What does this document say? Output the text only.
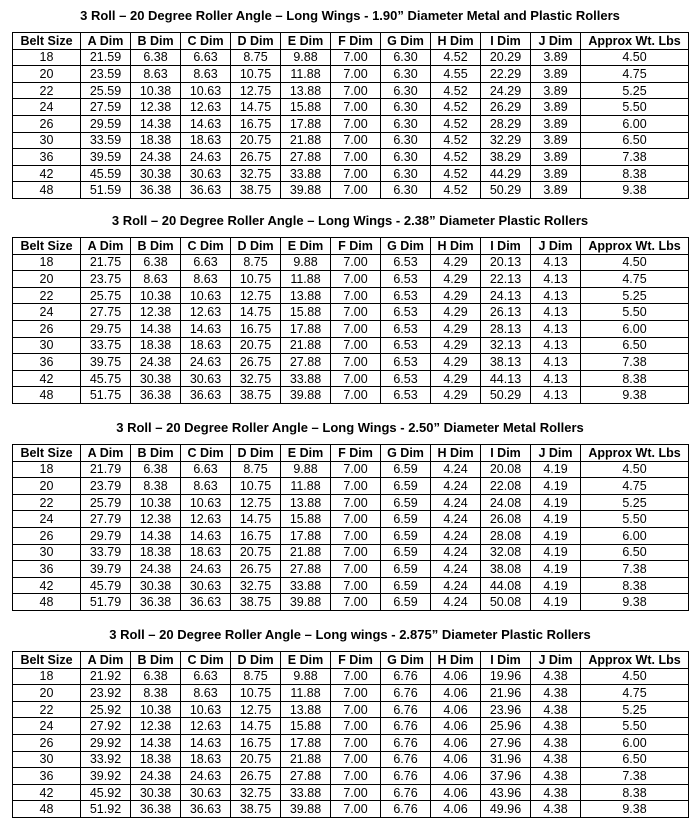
3 Roll – 20 Degree Roller Angle – Long Wings - 1.90” Diameter Metal and Plastic Rollers
Belt Size	A Dim	B Dim	C Dim	D Dim	E Dim	F Dim	G Dim	H Dim	I Dim	J Dim	Approx Wt. Lbs
18	21.59	6.38	6.63	8.75	9.88	7.00	6.30	4.52	20.29	3.89	4.50
20	23.59	8.63	8.63	10.75	11.88	7.00	6.30	4.55	22.29	3.89	4.75
22	25.59	10.38	10.63	12.75	13.88	7.00	6.30	4.52	24.29	3.89	5.25
24	27.59	12.38	12.63	14.75	15.88	7.00	6.30	4.52	26.29	3.89	5.50
26	29.59	14.38	14.63	16.75	17.88	7.00	6.30	4.52	28.29	3.89	6.00
30	33.59	18.38	18.63	20.75	21.88	7.00	6.30	4.52	32.29	3.89	6.50
36	39.59	24.38	24.63	26.75	27.88	7.00	6.30	4.52	38.29	3.89	7.38
42	45.59	30.38	30.63	32.75	33.88	7.00	6.30	4.52	44.29	3.89	8.38
48	51.59	36.38	36.63	38.75	39.88	7.00	6.30	4.52	50.29	3.89	9.38
3 Roll – 20 Degree Roller Angle – Long Wings - 2.38” Diameter Plastic Rollers
Belt Size	A Dim	B Dim	C Dim	D Dim	E Dim	F Dim	G Dim	H Dim	I Dim	J Dim	Approx Wt. Lbs
18	21.75	6.38	6.63	8.75	9.88	7.00	6.53	4.29	20.13	4.13	4.50
20	23.75	8.63	8.63	10.75	11.88	7.00	6.53	4.29	22.13	4.13	4.75
22	25.75	10.38	10.63	12.75	13.88	7.00	6.53	4.29	24.13	4.13	5.25
24	27.75	12.38	12.63	14.75	15.88	7.00	6.53	4.29	26.13	4.13	5.50
26	29.75	14.38	14.63	16.75	17.88	7.00	6.53	4.29	28.13	4.13	6.00
30	33.75	18.38	18.63	20.75	21.88	7.00	6.53	4.29	32.13	4.13	6.50
36	39.75	24.38	24.63	26.75	27.88	7.00	6.53	4.29	38.13	4.13	7.38
42	45.75	30.38	30.63	32.75	33.88	7.00	6.53	4.29	44.13	4.13	8.38
48	51.75	36.38	36.63	38.75	39.88	7.00	6.53	4.29	50.29	4.13	9.38
3 Roll – 20 Degree Roller Angle – Long Wings - 2.50” Diameter Metal Rollers
Belt Size	A Dim	B Dim	C Dim	D Dim	E Dim	F Dim	G Dim	H Dim	I Dim	J Dim	Approx Wt. Lbs
18	21.79	6.38	6.63	8.75	9.88	7.00	6.59	4.24	20.08	4.19	4.50
20	23.79	8.38	8.63	10.75	11.88	7.00	6.59	4.24	22.08	4.19	4.75
22	25.79	10.38	10.63	12.75	13.88	7.00	6.59	4.24	24.08	4.19	5.25
24	27.79	12.38	12.63	14.75	15.88	7.00	6.59	4.24	26.08	4.19	5.50
26	29.79	14.38	14.63	16.75	17.88	7.00	6.59	4.24	28.08	4.19	6.00
30	33.79	18.38	18.63	20.75	21.88	7.00	6.59	4.24	32.08	4.19	6.50
36	39.79	24.38	24.63	26.75	27.88	7.00	6.59	4.24	38.08	4.19	7.38
42	45.79	30.38	30.63	32.75	33.88	7.00	6.59	4.24	44.08	4.19	8.38
48	51.79	36.38	36.63	38.75	39.88	7.00	6.59	4.24	50.08	4.19	9.38
3 Roll – 20 Degree Roller Angle – Long wings - 2.875” Diameter Plastic Rollers
Belt Size	A Dim	B Dim	C Dim	D Dim	E Dim	F Dim	G Dim	H Dim	I Dim	J Dim	Approx Wt. Lbs
18	21.92	6.38	6.63	8.75	9.88	7.00	6.76	4.06	19.96	4.38	4.50
20	23.92	8.38	8.63	10.75	11.88	7.00	6.76	4.06	21.96	4.38	4.75
22	25.92	10.38	10.63	12.75	13.88	7.00	6.76	4.06	23.96	4.38	5.25
24	27.92	12.38	12.63	14.75	15.88	7.00	6.76	4.06	25.96	4.38	5.50
26	29.92	14.38	14.63	16.75	17.88	7.00	6.76	4.06	27.96	4.38	6.00
30	33.92	18.38	18.63	20.75	21.88	7.00	6.76	4.06	31.96	4.38	6.50
36	39.92	24.38	24.63	26.75	27.88	7.00	6.76	4.06	37.96	4.38	7.38
42	45.92	30.38	30.63	32.75	33.88	7.00	6.76	4.06	43.96	4.38	8.38
48	51.92	36.38	36.63	38.75	39.88	7.00	6.76	4.06	49.96	4.38	9.38
